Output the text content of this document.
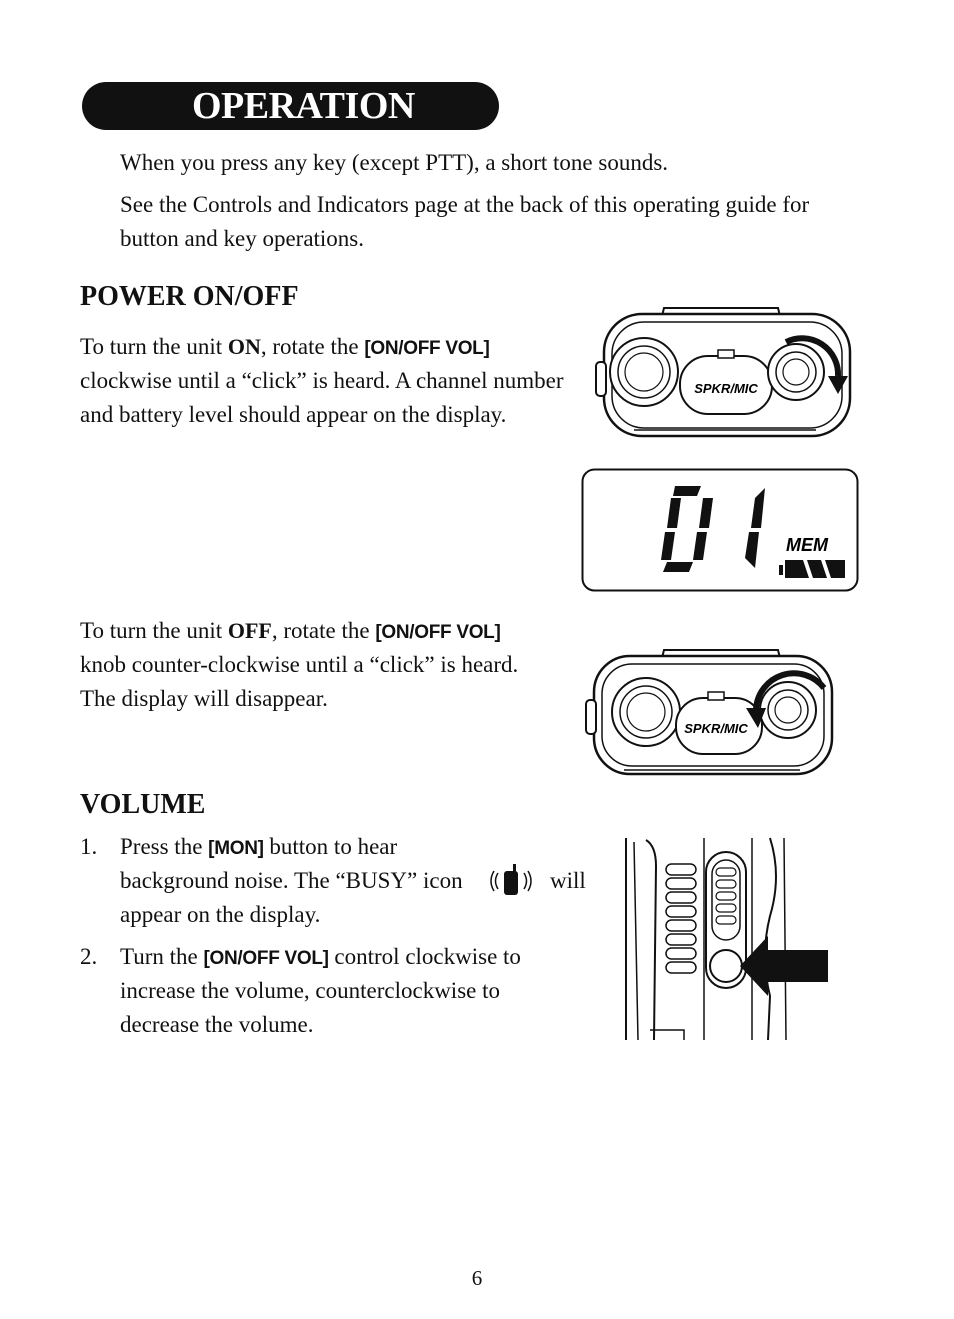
OPERATION
When you press any key (except PTT), a short tone sounds.
See the Controls and Indicators page at the back of this operating guide for
button and key operations.
POWER ON/OFF
To turn the unit ON, rotate the [ON/OFF VOL]
clockwise until a “click” is heard. A channel number
and battery level should appear on the display.
SPKR/MIC
MEM
To turn the unit OFF, rotate the [ON/OFF VOL]
knob counter-clockwise until a “click” is heard.
The display will disappear.
SPKR/MIC
VOLUME
1. Press the [MON] button to hear
background noise. The “BUSY” icon	will
appear on the display.
2. Turn the [ON/OFF VOL] control clockwise to
increase the volume, counterclockwise to
decrease the volume.
6
